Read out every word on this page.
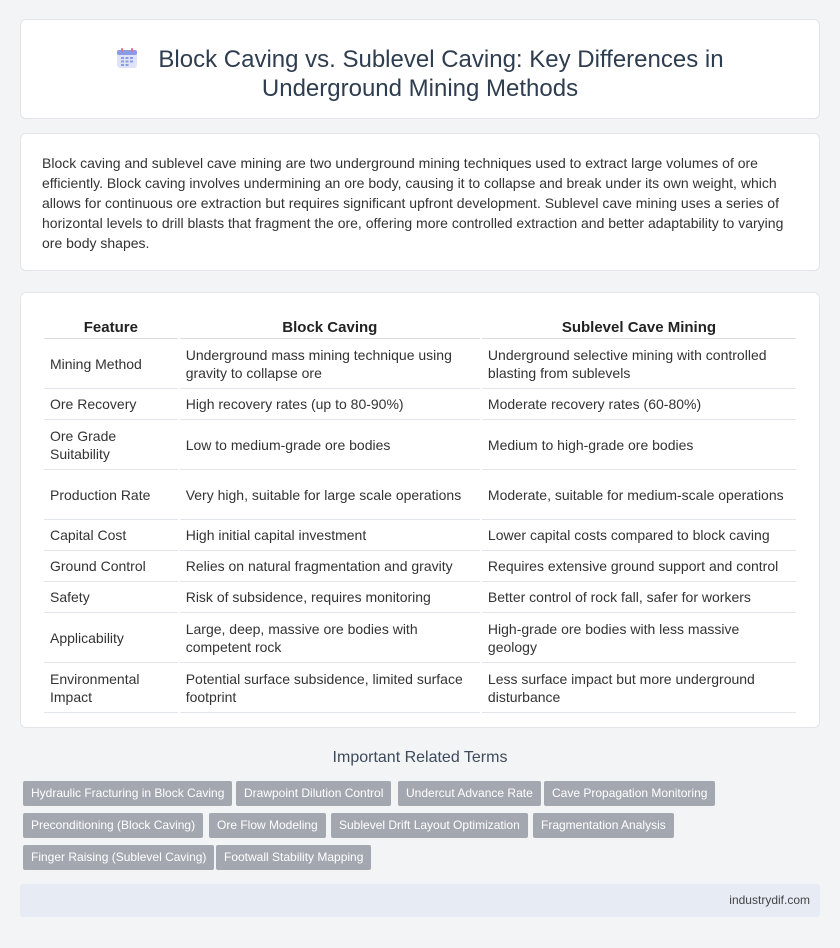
Block Caving vs. Sublevel Caving: Key Differences in Underground Mining Methods

Block caving and sublevel cave mining are two underground mining techniques used to extract large volumes of ore efficiently. Block caving involves undermining an ore body, causing it to collapse and break under its own weight, which allows for continuous ore extraction but requires significant upfront development. Sublevel cave mining uses a series of horizontal levels to drill blasts that fragment the ore, offering more controlled extraction and better adaptability to varying ore body shapes.

Feature	Block Caving	Sublevel Cave Mining
Mining Method	Underground mass mining technique using gravity to collapse ore	Underground selective mining with controlled blasting from sublevels
Ore Recovery	High recovery rates (up to 80-90%)	Moderate recovery rates (60-80%)
Ore Grade Suitability	Low to medium-grade ore bodies	Medium to high-grade ore bodies
Production Rate	Very high, suitable for large scale operations	Moderate, suitable for medium-scale operations
Capital Cost	High initial capital investment	Lower capital costs compared to block caving
Ground Control	Relies on natural fragmentation and gravity	Requires extensive ground support and control
Safety	Risk of subsidence, requires monitoring	Better control of rock fall, safer for workers
Applicability	Large, deep, massive ore bodies with competent rock	High-grade ore bodies with less massive geology
Environmental Impact	Potential surface subsidence, limited surface footprint	Less surface impact but more underground disturbance
Important Related Terms
Hydraulic Fracturing in Block Caving	Drawpoint Dilution Control	Undercut Advance Rate	Cave Propagation Monitoring
Preconditioning (Block Caving)	Ore Flow Modeling	Sublevel Drift Layout Optimization	Fragmentation Analysis
Finger Raising (Sublevel Caving)	Footwall Stability Mapping
industrydif.com
